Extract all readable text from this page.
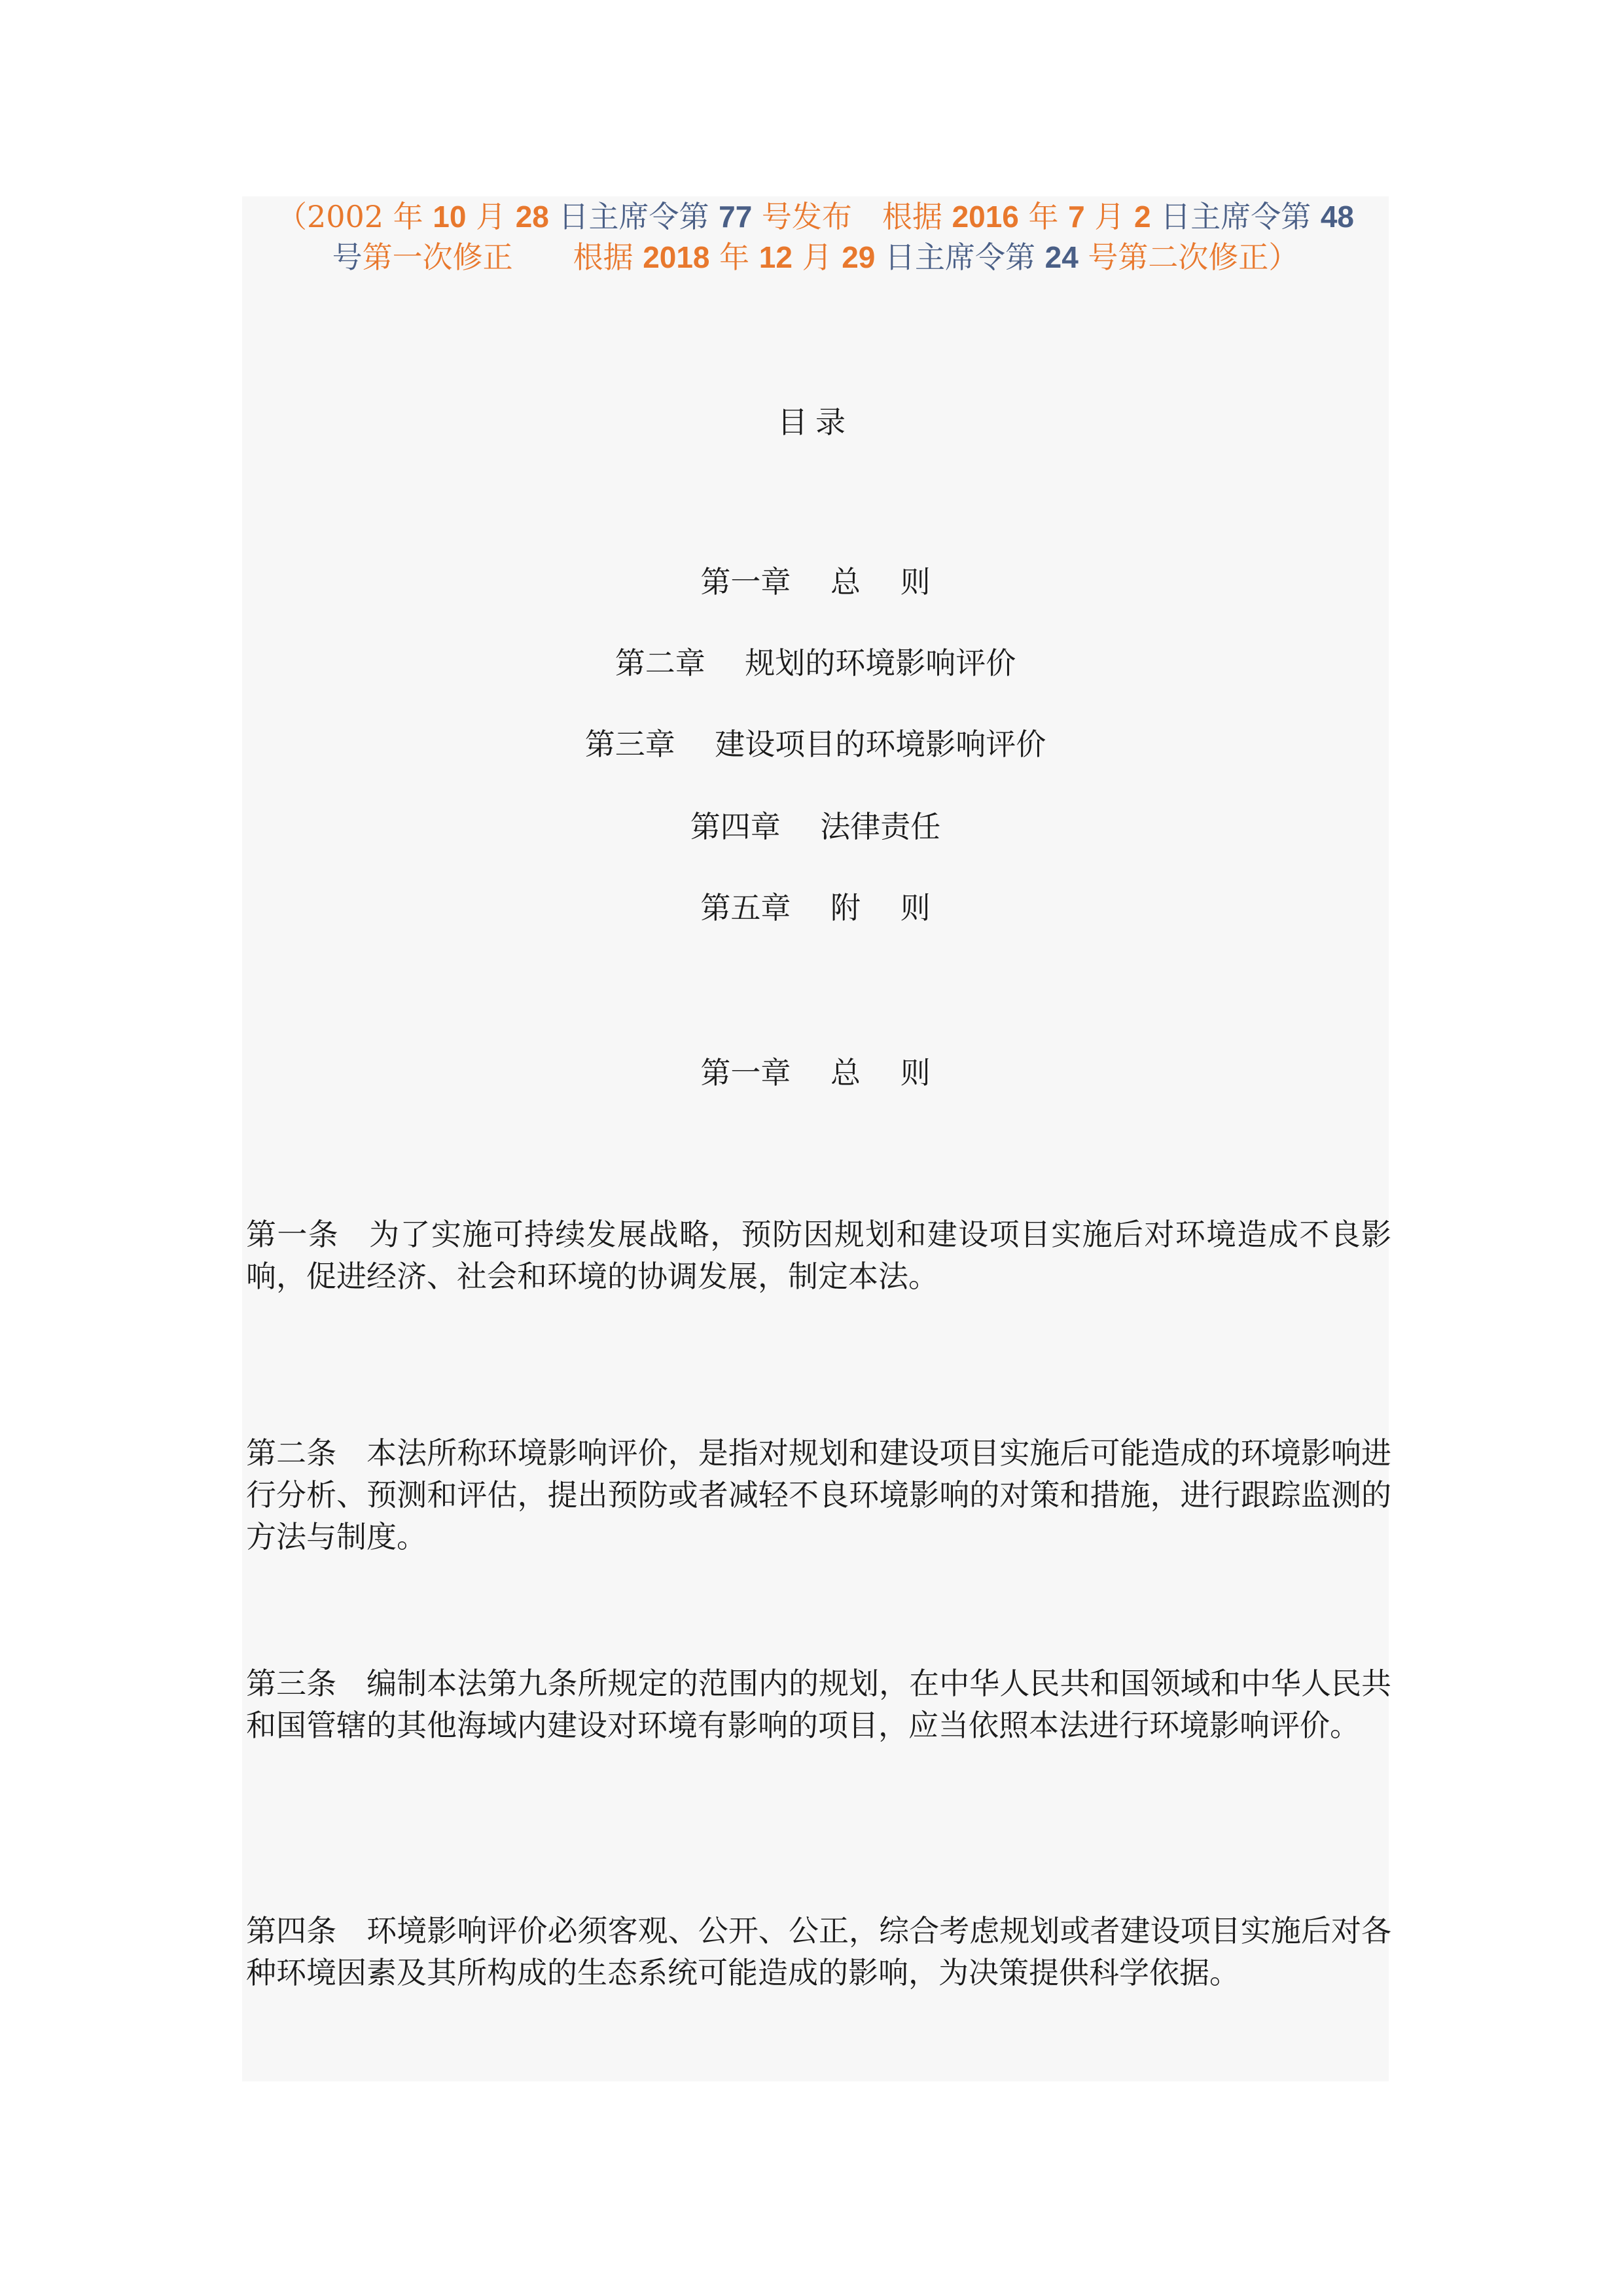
（2002 年 10 月 28 日主席令第 77 号发布　根据 2016 年 7 月 2 日主席令第 48
号第一次修正　　根据 2018 年 12 月 29 日主席令第 24 号第二次修正）
目录
第一章　 总　 则
第二章　 规划的环境影响评价
第三章　 建设项目的环境影响评价
第四章　 法律责任
第五章　 附　 则
第一章　 总　 则
第一条 为了实施可持续发展战略，预防因规划和建设项目实施后对环境造成不良影响，促进经济、社会和环境的协调发展，制定本法。
第二条 本法所称环境影响评价，是指对规划和建设项目实施后可能造成的环境影响进行分析、预测和评估，提出预防或者减轻不良环境影响的对策和措施，进行跟踪监测的方法与制度。
第三条 编制本法第九条所规定的范围内的规划，在中华人民共和国领域和中华人民共和国管辖的其他海域内建设对环境有影响的项目，应当依照本法进行环境影响评价。
第四条 环境影响评价必须客观、公开、公正，综合考虑规划或者建设项目实施后对各种环境因素及其所构成的生态系统可能造成的影响，为决策提供科学依据。
